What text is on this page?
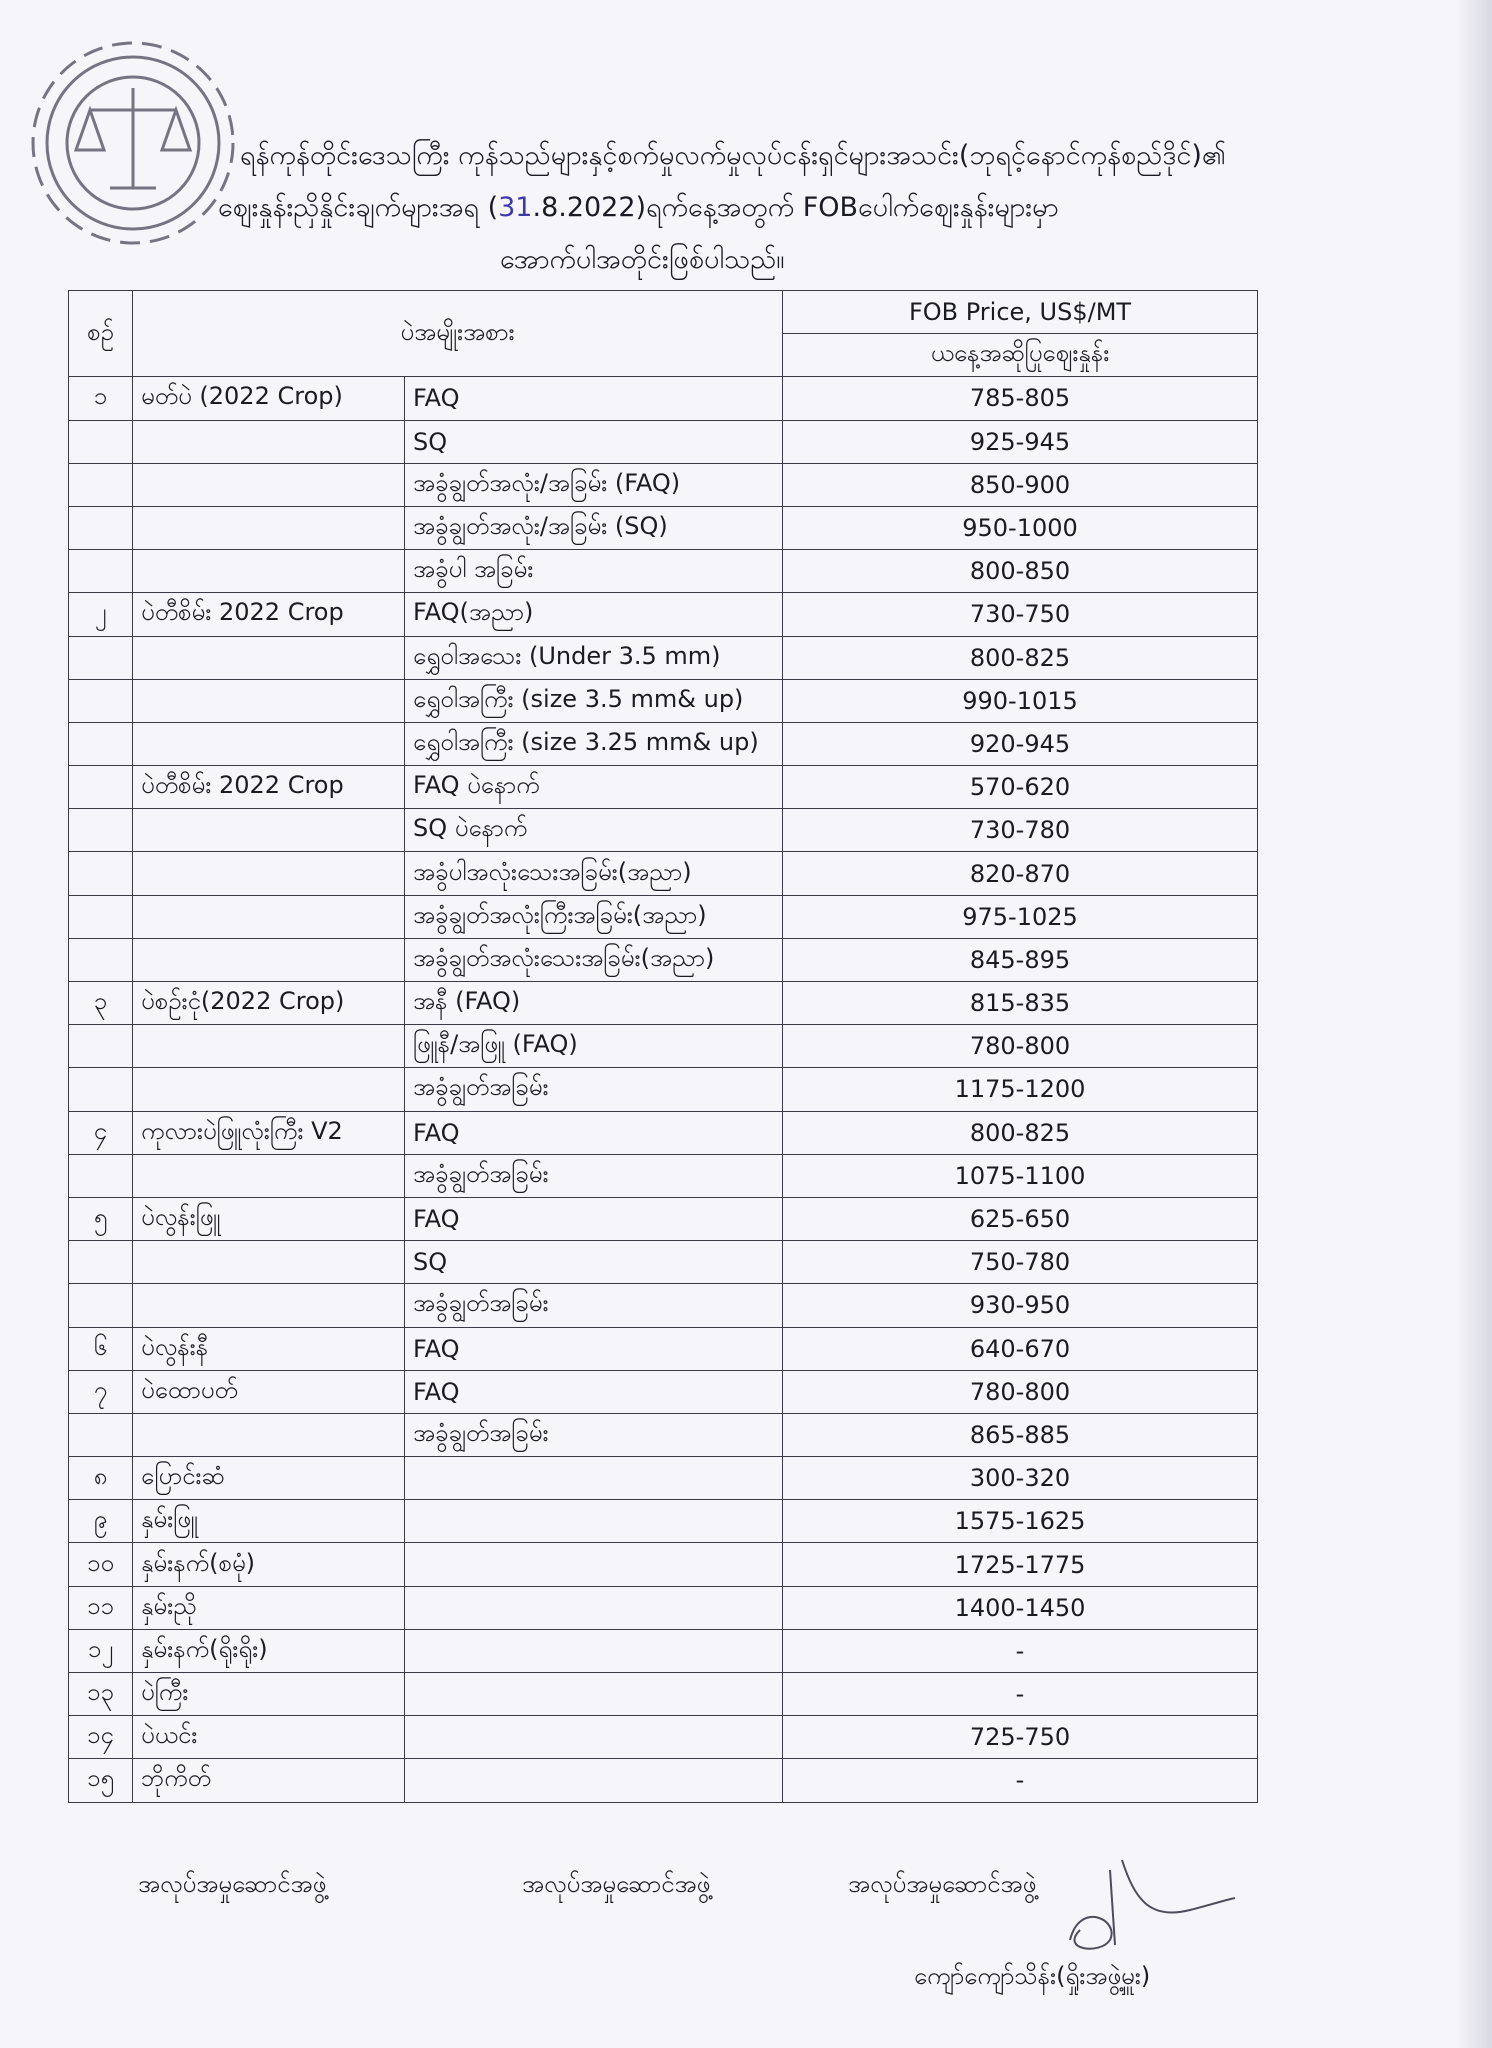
ရန်ကုန်တိုင်းဒေသကြီး ကုန်သည်များနှင့်စက်မှုလက်မှုလုပ်ငန်းရှင်များအသင်း(ဘုရင့်နောင်ကုန်စည်ဒိုင်)၏
ဈေးနှုန်းညှိနှိုင်းချက်များအရ (31.8.2022)ရက်နေ့အတွက် FOBပေါက်ဈေးနှုန်းများမှာ
အောက်ပါအတိုင်းဖြစ်ပါသည်။
စဉ်	ပဲအမျိုးအစား		FOB Price, US$/MT
			ယနေ့အဆိုပြုဈေးနှုန်း
၁	မတ်ပဲ (2022 Crop)	FAQ	785-805
		SQ	925-945
		အခွံချွတ်အလုံး/အခြမ်း (FAQ)	850-900
		အခွံချွတ်အလုံး/အခြမ်း (SQ)	950-1000
		အခွံပါ အခြမ်း	800-850
၂	ပဲတီစိမ်း 2022 Crop	FAQ(အညာ)	730-750
		ရွှေဝါအသေး (Under 3.5 mm)	800-825
		ရွှေဝါအကြီး (size 3.5 mm& up)	990-1015
		ရွှေဝါအကြီး (size 3.25 mm& up)	920-945
	ပဲတီစိမ်း 2022 Crop	FAQ ပဲနောက်	570-620
		SQ ပဲနောက်	730-780
		အခွံပါအလုံးသေးအခြမ်း(အညာ)	820-870
		အခွံချွတ်အလုံးကြီးအခြမ်း(အညာ)	975-1025
		အခွံချွတ်အလုံးသေးအခြမ်း(အညာ)	845-895
၃	ပဲစဉ်းငုံ(2022 Crop)	အနီ (FAQ)	815-835
		ဖြူနီ/အဖြူ (FAQ)	780-800
		အခွံချွတ်အခြမ်း	1175-1200
၄	ကုလားပဲဖြူလုံးကြီး V2	FAQ	800-825
		အခွံချွတ်အခြမ်း	1075-1100
၅	ပဲလွန်းဖြူ	FAQ	625-650
		SQ	750-780
		အခွံချွတ်အခြမ်း	930-950
၆	ပဲလွန်းနီ	FAQ	640-670
၇	ပဲထောပတ်	FAQ	780-800
		အခွံချွတ်အခြမ်း	865-885
၈	ပြောင်းဆံ		300-320
၉	နှမ်းဖြူ		1575-1625
၁၀	နှမ်းနက်(စမုံ)		1725-1775
၁၁	နှမ်းညို		1400-1450
၁၂	နှမ်းနက်(ရိုးရိုး)		-
၁၃	ပဲကြီး		-
၁၄	ပဲယင်း		725-750
၁၅	ဘိုကိတ်		-
အလုပ်အမှုဆောင်အဖွဲ့	အလုပ်အမှုဆောင်အဖွဲ့	အလုပ်အမှုဆောင်အဖွဲ့
ကျော်ကျော်သိန်း(ရှိုးအဖွဲ့မှူး)
